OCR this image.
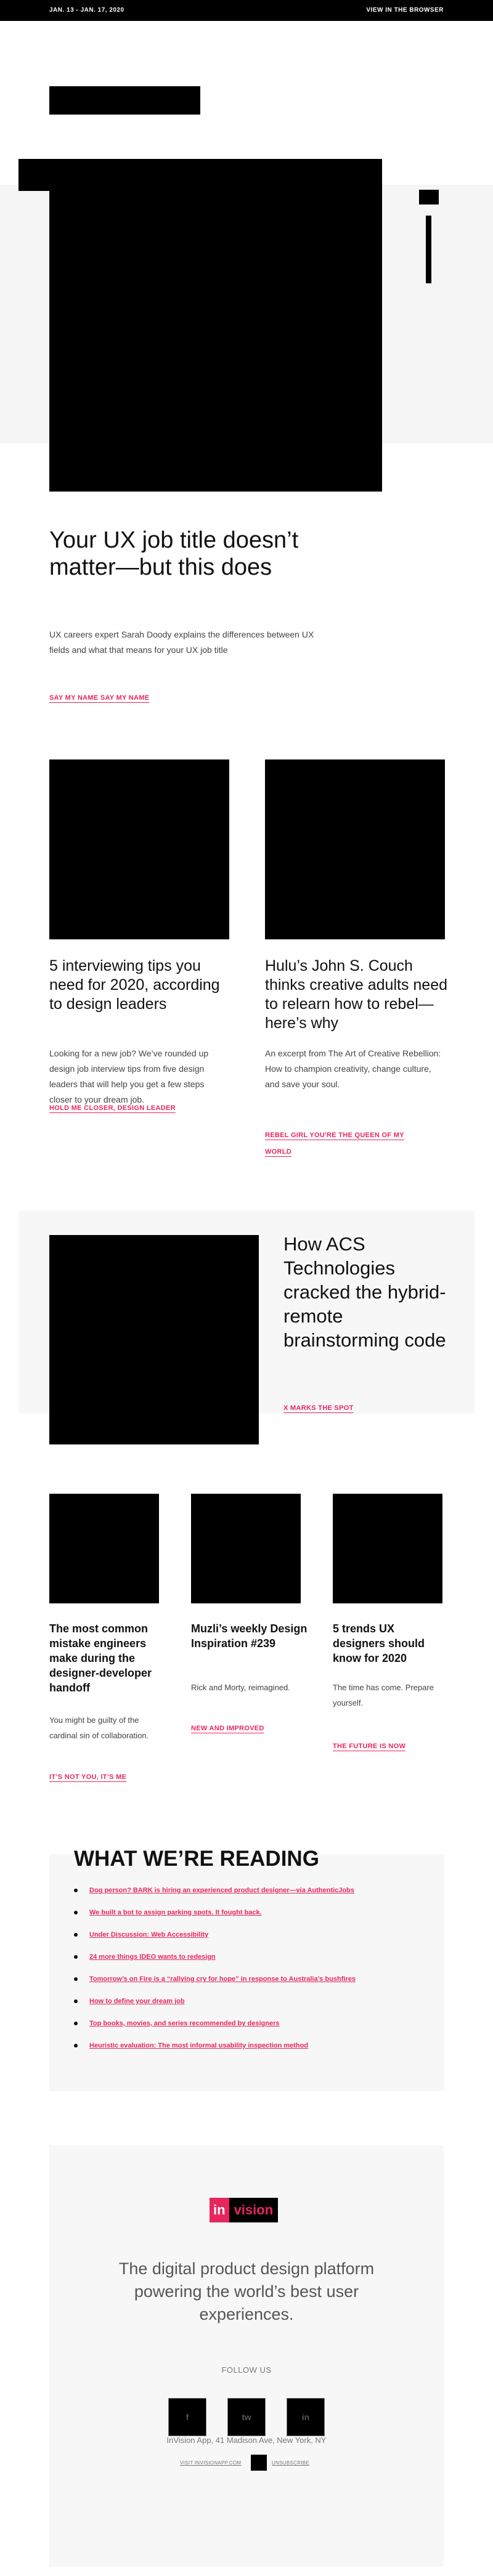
JAN. 13 - JAN. 17, 2020	VIEW IN THE BROWSER
Your UX job title doesn’t matter—but this does
UX careers expert Sarah Doody explains the differences between UX fields and what that means for your UX job title
SAY MY NAME SAY MY NAME
5 interviewing tips you need for 2020, according to design leaders
Looking for a new job? We’ve rounded up design job interview tips from five design leaders that will help you get a few steps closer to your dream job.
HOLD ME CLOSER, DESIGN LEADER
Hulu’s John S. Couch thinks creative adults need to relearn how to rebel—here’s why
An excerpt from The Art of Creative Rebellion: How to champion creativity, change culture, and save your soul.
REBEL GIRL YOU'RE THE QUEEN OF MY
WORLD
How ACS Technologies cracked the hybrid-remote brainstorming code
X MARKS THE SPOT
The most common mistake engineers make during the designer-developer handoff
You might be guilty of the cardinal sin of collaboration.
IT’S NOT YOU, IT’S ME
Muzli’s weekly Design Inspiration #239
Rick and Morty, reimagined.
NEW AND IMPROVED
5 trends UX designers should know for 2020
The time has come. Prepare yourself.
THE FUTURE IS NOW
WHAT WE’RE READING
Dog person? BARK is hiring an experienced product designer—via AuthenticJobs
We built a bot to assign parking spots. It fought back.
Under Discussion: Web Accessibility
24 more things IDEO wants to redesign
Tomorrow’s on Fire is a “rallying cry for hope” in response to Australia’s bushfires
How to define your dream job
Top books, movies, and series recommended by designers
Heuristic evaluation: The most informal usability inspection method
in vision
The digital product design platform powering the world’s best user experiences.
FOLLOW US
f	tw	in
InVision App, 41 Madison Ave, New York, NY
VISIT INVISIONAPP.COM	UNSUBSCRIBE
